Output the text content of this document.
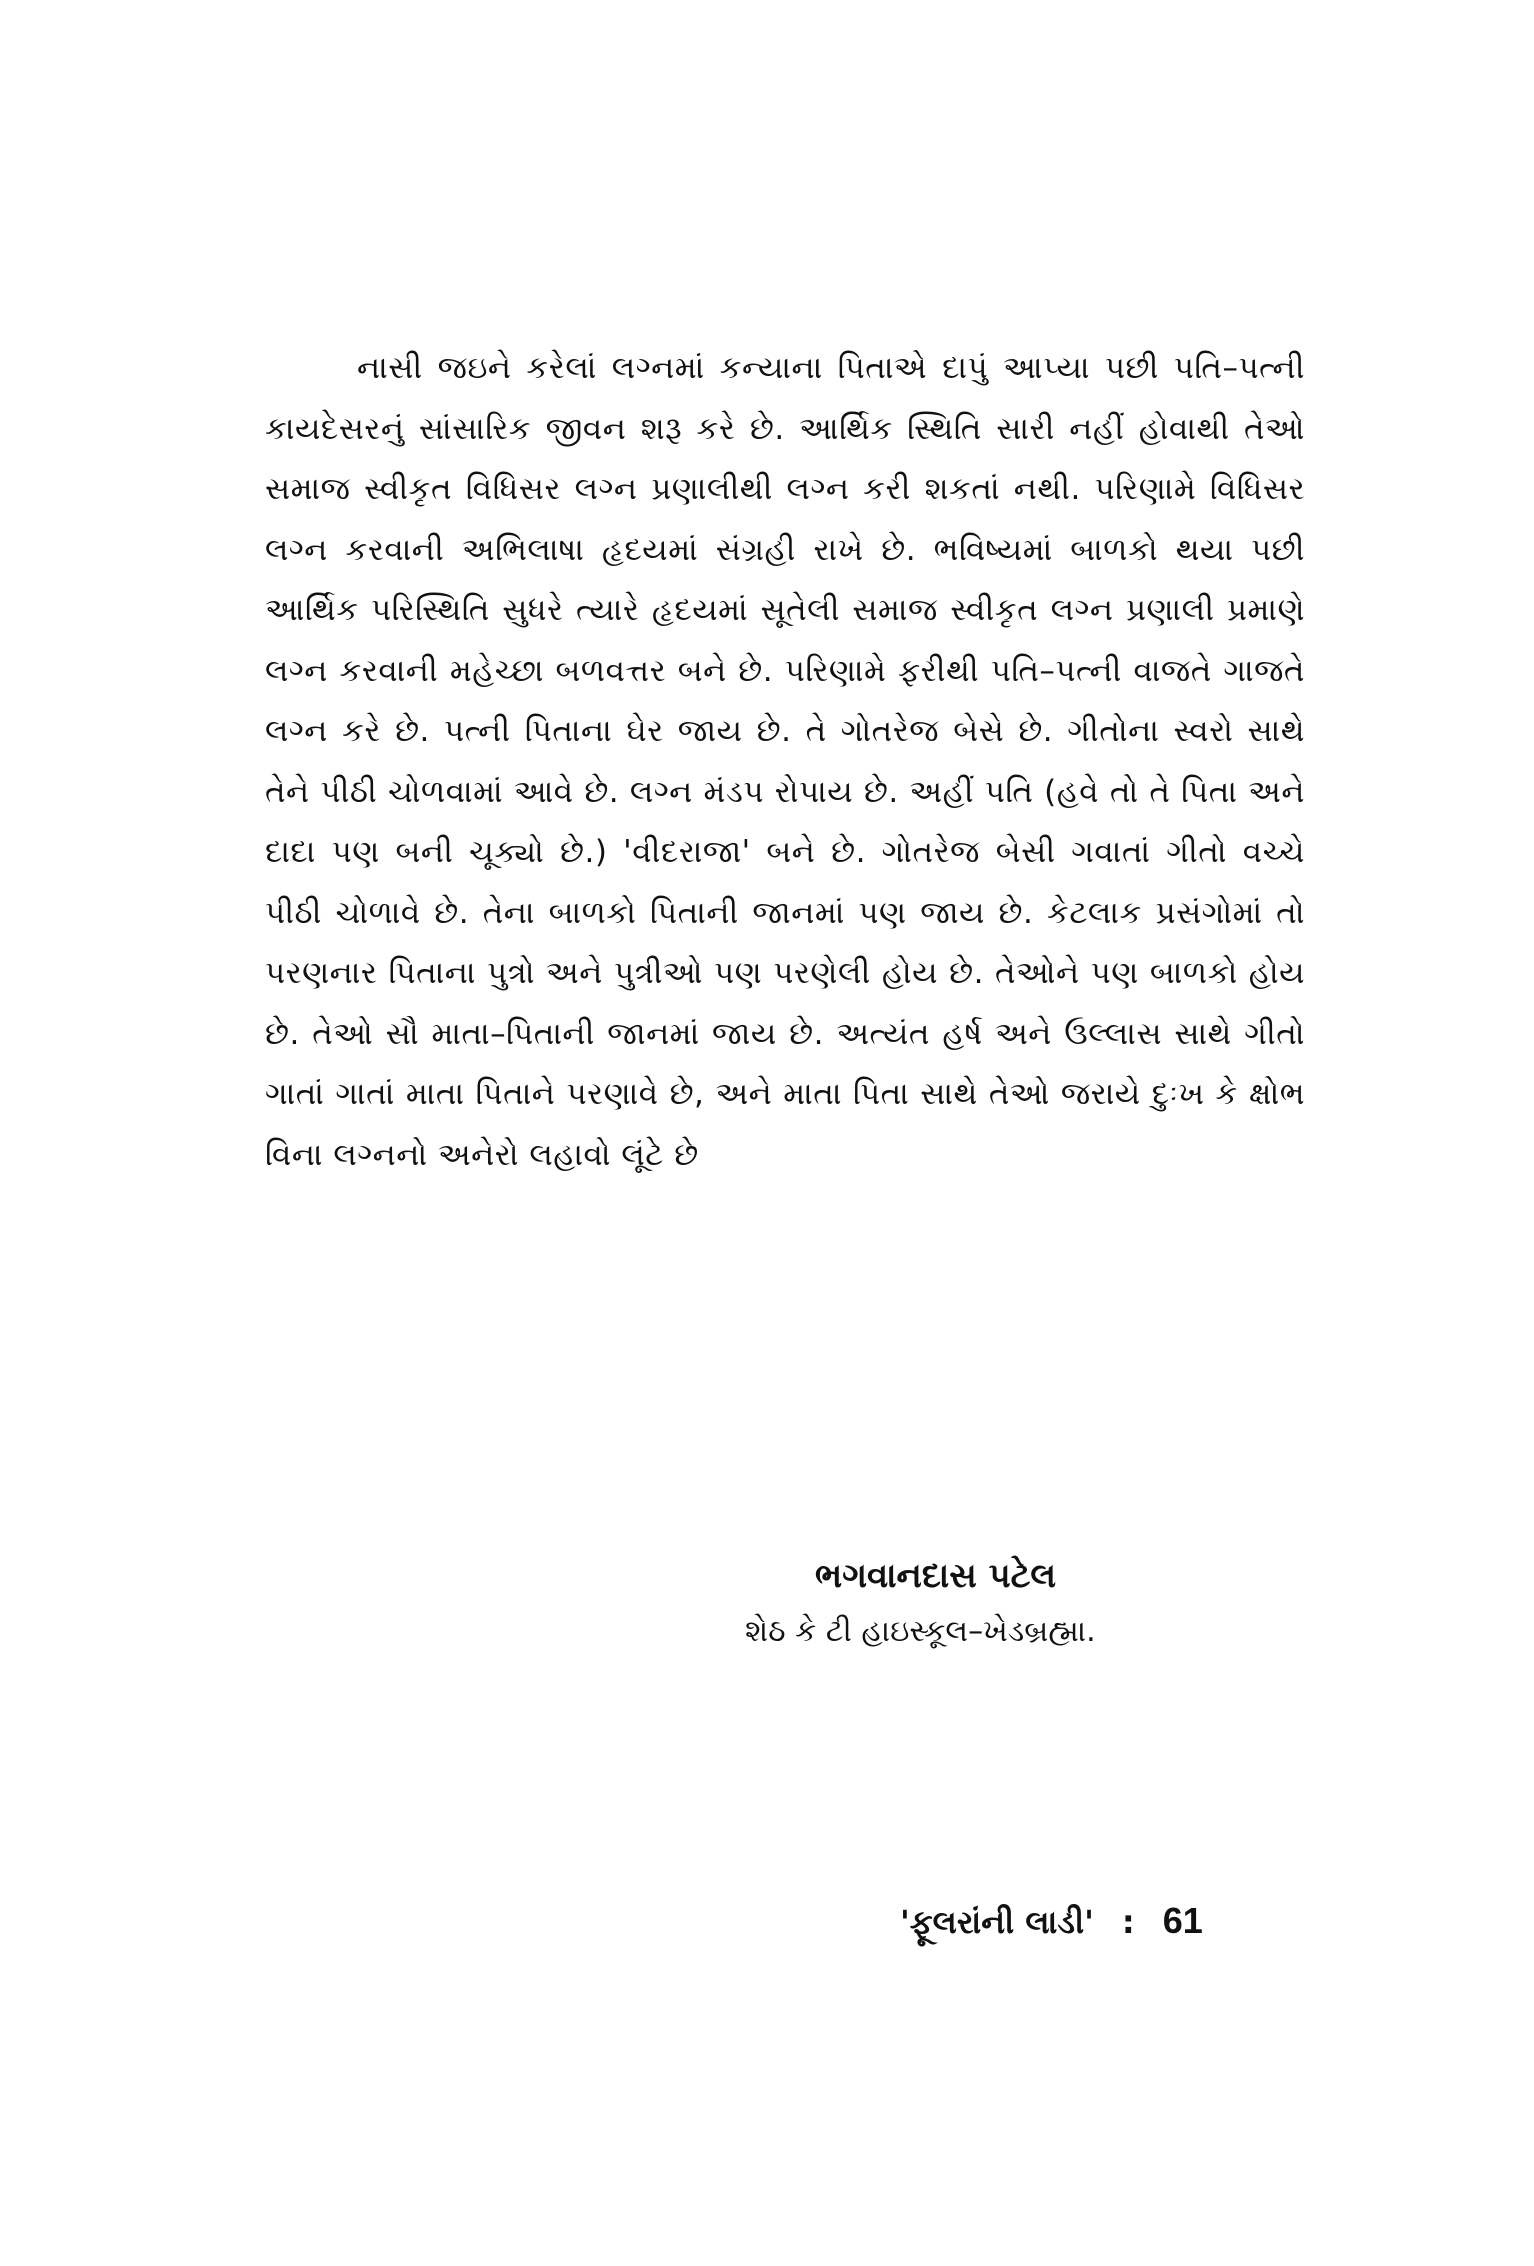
નાસી જઇને કરેલાં લગ્નમાં કન્યાના પિતાએ દાપું આપ્યા પછી પતિ–પત્ની કાયદેસરનું સાંસારિક જીવન શરૂ કરે છે. આર્થિક સ્થિતિ સારી નહીં હોવાથી તેઓ સમાજ સ્વીકૃત વિધિસર લગ્ન પ્રણાલીથી લગ્ન કરી શકતાં નથી. પરિણામે વિધિસર લગ્ન કરવાની અભિલાષા હૃદયમાં સંગ્રહી રાખે છે. ભવિષ્યમાં બાળકો થયા પછી આર્થિક પરિસ્થિતિ સુધરે ત્યારે હૃદયમાં સૂતેલી સમાજ સ્વીકૃત લગ્ન પ્રણાલી પ્રમાણે લગ્ન કરવાની મહેચ્છા બળવત્તર બને છે. પરિણામે ફરીથી પતિ–પત્ની વાજતે ગાજતે લગ્ન કરે છે. પત્ની પિતાના ઘેર જાય છે. તે ગોતરેજ બેસે છે. ગીતોના સ્વરો સાથે તેને પીઠી ચોળવામાં આવે છે. લગ્ન મંડપ રોપાય છે. અહીં પતિ (હવે તો તે પિતા અને દાદા પણ બની ચૂક્યો છે.) 'વીદરાજા' બને છે. ગોતરેજ બેસી ગવાતાં ગીતો વચ્ચે પીઠી ચોળાવે છે. તેના બાળકો પિતાની જાનમાં પણ જાય છે. કેટલાક પ્રસંગોમાં તો પરણનાર પિતાના પુત્રો અને પુત્રીઓ પણ પરણેલી હોય છે. તેઓને પણ બાળકો હોય છે. તેઓ સૌ માતા–પિતાની જાનમાં જાય છે. અત્યંત હર્ષ અને ઉલ્લાસ સાથે ગીતો ગાતાં ગાતાં માતા પિતાને પરણાવે છે, અને માતા પિતા સાથે તેઓ જરાયે દુઃખ કે ક્ષોભ વિના લગ્નનો અનેરો લહાવો લૂંટે છે

ભગવાનદાસ પટેલ
શેઠ કે ટી હાઇસ્કૂલ–ખેડબ્રહ્મા.
'ફૂલરાંની લાડી' : 61
